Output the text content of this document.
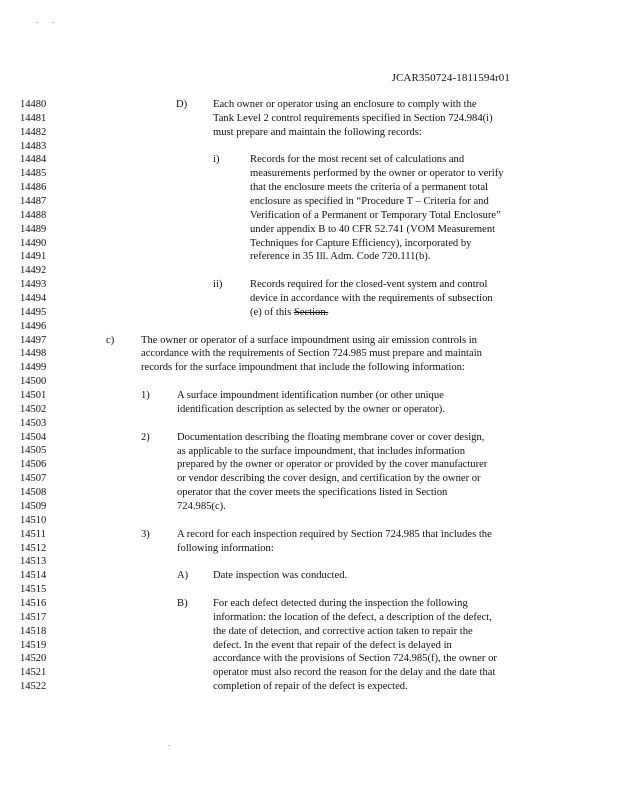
JCAR350724-1811594r01
14480
14481
14482
14483
14484
14485
14486
14487
14488
14489
14490
14491
14492
14493
14494
14495
14496
14497
14498
14499
14500
14501
14502
14503
14504
14505
14506
14507
14508
14509
14510
14511
14512
14513
14514
14515
14516
14517
14518
14519
14520
14521
14522
D) Each owner or operator using an enclosure to comply with the
Tank Level 2 control requirements specified in Section 724.984(i)
must prepare and maintain the following records:
i)	Records for the most recent set of calculations and
measurements performed by the owner or operator to verify
that the enclosure meets the criteria of a permanent total
enclosure as specified in “Procedure T – Criteria for and
Verification of a Permanent or Temporary Total Enclosure”
under appendix B to 40 CFR 52.741 (VOM Measurement
Techniques for Capture Efficiency), incorporated by
reference in 35 Ill. Adm. Code 720.111(b).
ii)	Records required for the closed-vent system and control
device in accordance with the requirements of subsection
(e) of this Section.
c)	The owner or operator of a surface impoundment using air emission controls in
accordance with the requirements of Section 724.985 must prepare and maintain
records for the surface impoundment that include the following information:
1)	A surface impoundment identification number (or other unique
identification description as selected by the owner or operator).
2)	Documentation describing the floating membrane cover or cover design,
as applicable to the surface impoundment, that includes information
prepared by the owner or operator or provided by the cover manufacturer
or vendor describing the cover design, and certification by the owner or
operator that the cover meets the specifications listed in Section
724.985(c).
3)	A record for each inspection required by Section 724.985 that includes the
following information:
A) Date inspection was conducted.
B) For each defect detected during the inspection the following
information: the location of the defect, a description of the defect,
the date of detection, and corrective action taken to repair the
defect. In the event that repair of the defect is delayed in
accordance with the provisions of Section 724.985(f), the owner or
operator must also record the reason for the delay and the date that
completion of repair of the defect is expected.
